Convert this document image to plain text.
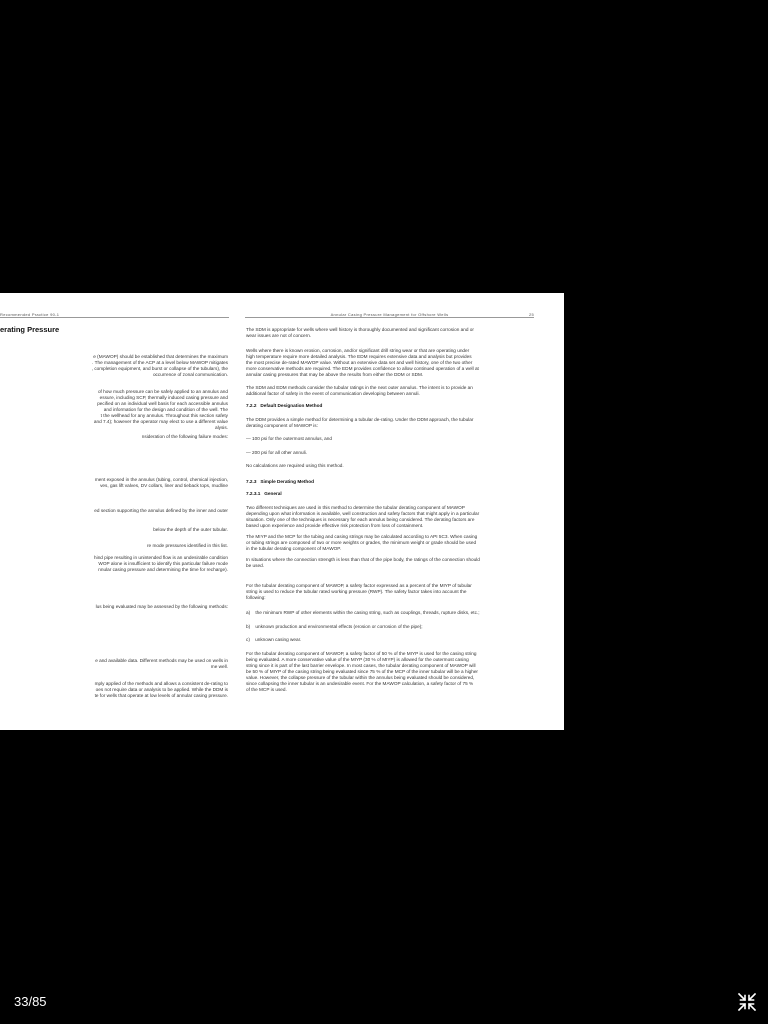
Recommended Practice 90-1
erating Pressure
e (MAWOP) should be established that determines the maximum
. The management of the ACP at a level below MAWOP mitigates
, completion equipment, and burst or collapse of the tubulars), the
occurrence of zonal communication.
of how much pressure can be safely applied to an annulus and
essure, including SCP, thermally induced casing pressure and
pecified on an individual well basis for each accessible annulus
and information for the design and condition of the well. The
t the wellhead for any annulus. Throughout this section safety
and 7.4); however the operator may elect to use a different value
alysis.
nsideration of the following failure modes:
ment exposed in the annulus (tubing, control, chemical injection,
ves, gas lift valves, DV collars, liner and tieback tops, mudline
ed section supporting the annulus defined by the inner and outer
below the depth of the outer tubular.
re mode pressures identified in this list.
hind pipe resulting in unintended flow is an undesirable condition
WOP alone is insufficient to identify this particular failure mode
nnular casing pressure and determining the time for recharge).
lus being evaluated may be assessed by the following methods:
e and available data. Different methods may be used on wells in
me well.
mply applied of the methods and allows a consistent de-rating to
oes not require data or analysis to be applied. While the DDM is
te for wells that operate at low levels of annular casing pressure.
Annular Casing Pressure Management for Offshore Wells	25
The SDM is appropriate for wells where well history is thoroughly documented and significant corrosion and or
wear issues are not of concern.
Wells where there is known erosion, corrosion, and/or significant drill string wear or that are operating under
high temperature require more detailed analysis. The EDM requires extensive data and analysis but provides
the most precise de-rated MAWOP value. Without an extensive data set and well history, one of the two other
more conservative methods are required. The EDM provides confidence to allow continued operation of a well at
annular casing pressures that may be above the results from either the DDM or SDM.
The SDM and EDM methods consider the tubular ratings in the next outer annulus. The intent is to provide an
additional factor of safety in the event of communication developing between annuli.
7.2.2   Default Designation Method
The DDM provides a simple method for determining a tubular de-rating. Under the DDM approach, the tubular
derating component of MAWOP is:
— 100 psi for the outermost annulus, and
— 200 psi for all other annuli.
No calculations are required using this method.
7.2.3   Simple Derating Method
7.2.3.1   General
Two different techniques are used in this method to determine the tubular derating component of MAWOP
depending upon what information is available, well construction and safety factors that might apply in a particular
situation. Only one of the techniques is necessary for each annulus being considered. The derating factors are
based upon experience and provide effective risk protection from loss of containment.
The MIYP and the MCP for the tubing and casing strings may be calculated according to API 5C3. When casing
or tubing strings are composed of two or more weights or grades, the minimum weight or grade should be used
in the tubular derating component of MAWOP.
In situations where the connection strength is less than that of the pipe body, the ratings of the connection should
be used.
For the tubular derating component of MAWOP, a safety factor expressed as a percent of the MIYP of tubular
string is used to reduce the tubular rated working pressure (RWP). The safety factor takes into account the
following:
a)    the minimum RWP of other elements within the casing string, such as couplings, threads, rupture disks, etc.;
b)    unknown production and environmental effects (erosion or corrosion of the pipe);
c)    unknown casing wear.
For the tubular derating component of MAWOP, a safety factor of 50 % of the MIYP is used for the casing string
being evaluated. A more conservative value of the MIYP (30 % of MIYP) is allowed for the outermost casing
string since it is part of the last barrier envelope. In most cases, the tubular derating component of MAWOP will
be 50 % of MIYP of the casing string being evaluated since 75 % of the MCP of the inner tubular will be a higher
value. However, the collapse pressure of the tubular within the annulus being evaluated should be considered,
since collapsing the inner tubular is an undesirable event. For the MAWOP calculation, a safety factor of 75 %
of the MCP is used.
33/85
